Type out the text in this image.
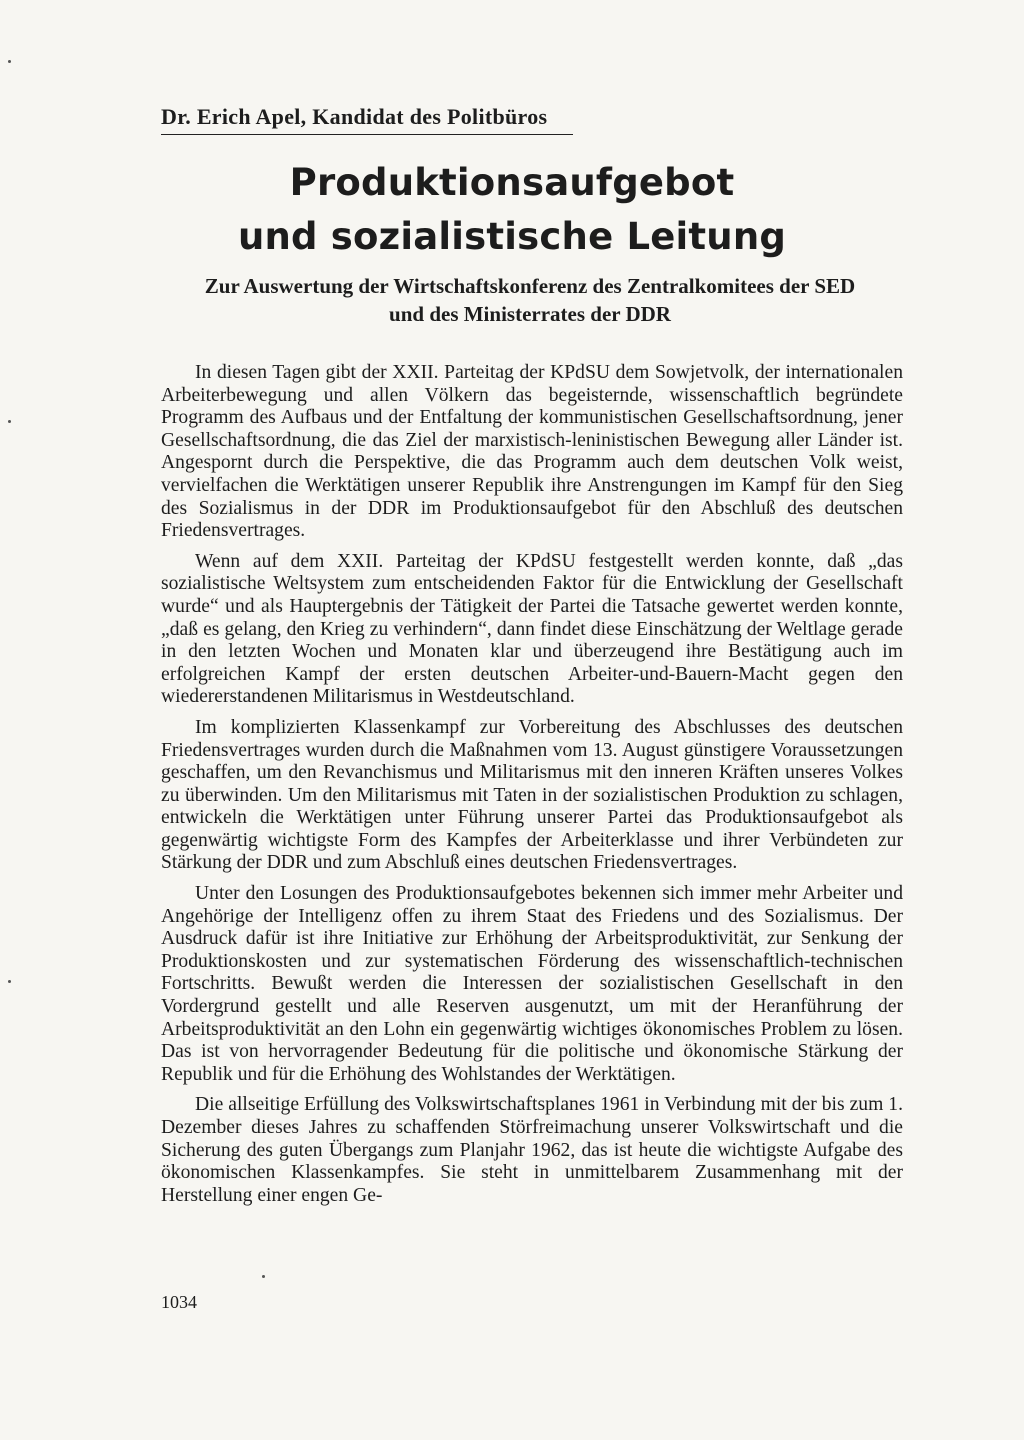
Dr. Erich Apel, Kandidat des Politbüros
Produktionsaufgebot
und sozialistische Leitung
Zur Auswertung der Wirtschaftskonferenz des Zentralkomitees der SED
und des Ministerrates der DDR

In diesen Tagen gibt der XXII. Parteitag der KPdSU dem Sowjetvolk, der internationalen Arbeiterbewegung und allen Völkern das begeisternde, wissenschaftlich begründete Programm des Aufbaus und der Entfaltung der kommunistischen Gesellschaftsordnung, jener Gesellschaftsordnung, die das Ziel der marxistisch-leninistischen Bewegung aller Länder ist. Angespornt durch die Perspektive, die das Programm auch dem deutschen Volk weist, vervielfachen die Werktätigen unserer Republik ihre Anstrengungen im Kampf für den Sieg des Sozialismus in der DDR im Produktionsaufgebot für den Abschluß des deutschen Friedensvertrages.

Wenn auf dem XXII. Parteitag der KPdSU festgestellt werden konnte, daß „das sozialistische Weltsystem zum entscheidenden Faktor für die Entwicklung der Gesellschaft wurde“ und als Hauptergebnis der Tätigkeit der Partei die Tatsache gewertet werden konnte, „daß es gelang, den Krieg zu verhindern“, dann findet diese Einschätzung der Weltlage gerade in den letzten Wochen und Monaten klar und überzeugend ihre Bestätigung auch im erfolgreichen Kampf der ersten deutschen Arbeiter-und-Bauern-Macht gegen den wiedererstandenen Militarismus in Westdeutschland.

Im komplizierten Klassenkampf zur Vorbereitung des Abschlusses des deutschen Friedensvertrages wurden durch die Maßnahmen vom 13. August günstigere Voraussetzungen geschaffen, um den Revanchismus und Militarismus mit den inneren Kräften unseres Volkes zu überwinden. Um den Militarismus mit Taten in der sozialistischen Produktion zu schlagen, entwickeln die Werktätigen unter Führung unserer Partei das Produktionsaufgebot als gegenwärtig wichtigste Form des Kampfes der Arbeiterklasse und ihrer Verbündeten zur Stärkung der DDR und zum Abschluß eines deutschen Friedensvertrages.

Unter den Losungen des Produktionsaufgebotes bekennen sich immer mehr Arbeiter und Angehörige der Intelligenz offen zu ihrem Staat des Friedens und des Sozialismus. Der Ausdruck dafür ist ihre Initiative zur Erhöhung der Arbeitsproduktivität, zur Senkung der Produktionskosten und zur systematischen Förderung des wissenschaftlich-technischen Fortschritts. Bewußt werden die Interessen der sozialistischen Gesellschaft in den Vordergrund gestellt und alle Reserven ausgenutzt, um mit der Heranführung der Arbeitsproduktivität an den Lohn ein gegenwärtig wichtiges ökonomisches Problem zu lösen. Das ist von hervorragender Bedeutung für die politische und ökonomische Stärkung der Republik und für die Erhöhung des Wohlstandes der Werktätigen.

Die allseitige Erfüllung des Volkswirtschaftsplanes 1961 in Verbindung mit der bis zum 1. Dezember dieses Jahres zu schaffenden Störfreimachung unserer Volkswirtschaft und die Sicherung des guten Übergangs zum Planjahr 1962, das ist heute die wichtigste Aufgabe des ökonomischen Klassenkampfes. Sie steht in unmittelbarem Zusammenhang mit der Herstellung einer engen Ge-

1034
